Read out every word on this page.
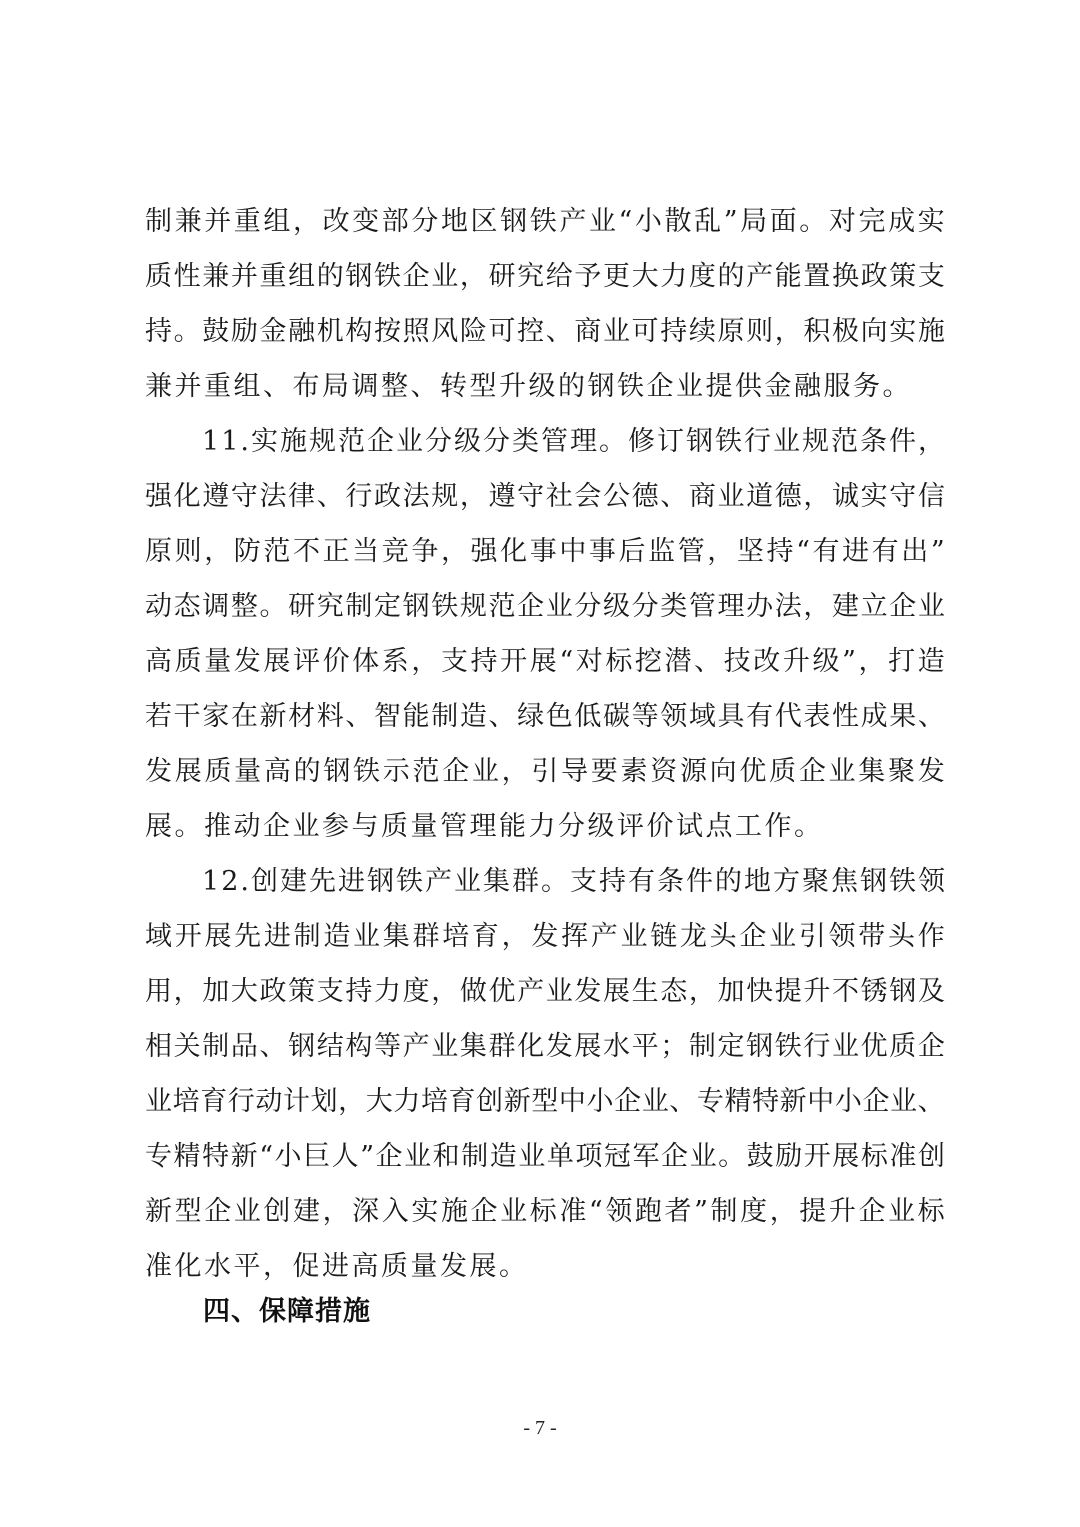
制 兼 并 重 组 ， 改 变 部 分 地 区 钢 铁 产 业 “ 小 散 乱 ” 局 面 。 对 完 成 实
质 性 兼 并 重 组 的 钢 铁 企 业 ， 研 究 给 予 更 大 力 度 的 产 能 置 换 政 策 支
持 。 鼓 励 金 融 机 构 按 照 风 险 可 控 、 商 业 可 持 续 原 则 ， 积 极 向 实 施
兼并重组、布局调整、转型升级的钢铁企业提供金融服务。
1 1 . 实 施 规 范 企 业 分 级 分 类 管 理 。 修 订 钢 铁 行 业 规 范 条 件 ，
强 化 遵 守 法 律 、 行 政 法 规 ， 遵 守 社 会 公 德 、 商 业 道 德 ， 诚 实 守 信
原 则 ， 防 范 不 正 当 竞 争 ， 强 化 事 中 事 后 监 管 ， 坚 持 “ 有 进 有 出 ”
动 态 调 整 。 研 究 制 定 钢 铁 规 范 企 业 分 级 分 类 管 理 办 法 ， 建 立 企 业
高 质 量 发 展 评 价 体 系 ， 支 持 开 展 “ 对 标 挖 潜 、 技 改 升 级 ” ， 打 造
若 干 家 在 新 材 料 、 智 能 制 造 、 绿 色 低 碳 等 领 域 具 有 代 表 性 成 果 、
发 展 质 量 高 的 钢 铁 示 范 企 业 ， 引 导 要 素 资 源 向 优 质 企 业 集 聚 发
展。推动企业参与质量管理能力分级评价试点工作。
1 2 . 创 建 先 进 钢 铁 产 业 集 群 。 支 持 有 条 件 的 地 方 聚 焦 钢 铁 领
域 开 展 先 进 制 造 业 集 群 培 育 ， 发 挥 产 业 链 龙 头 企 业 引 领 带 头 作
用 ， 加 大 政 策 支 持 力 度 ， 做 优 产 业 发 展 生 态 ， 加 快 提 升 不 锈 钢 及
相 关 制 品 、 钢 结 构 等 产 业 集 群 化 发 展 水 平 ； 制 定 钢 铁 行 业 优 质 企
业 培 育 行 动 计 划 ， 大 力 培 育 创 新 型 中 小 企 业 、 专 精 特 新 中 小 企 业 、
专 精 特 新 “ 小 巨 人 ” 企 业 和 制 造 业 单 项 冠 军 企 业 。 鼓 励 开 展 标 准 创
新 型 企 业 创 建 ， 深 入 实 施 企 业 标 准 “ 领 跑 者 ” 制 度 ， 提 升 企 业 标
准化水平，促进高质量发展。
四、保障措施
- 7 -
